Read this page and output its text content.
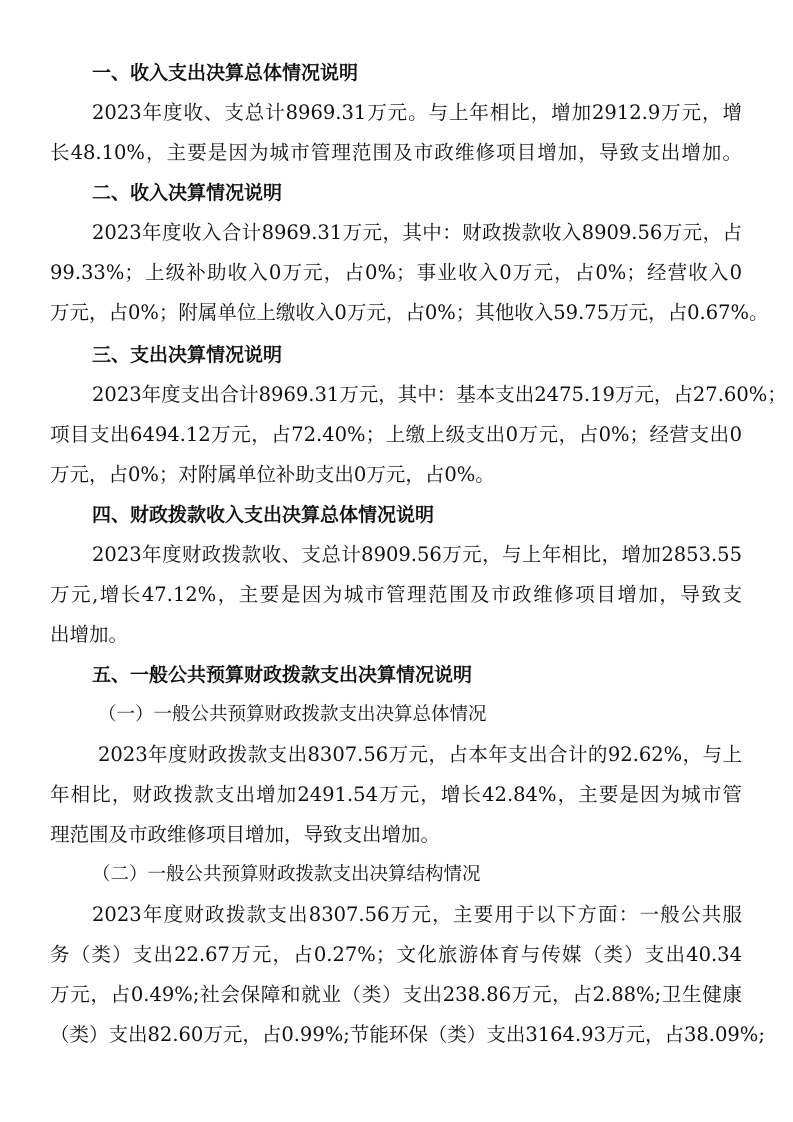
一、收入支出决算总体情况说明
2023年度收、支总计8969.31万元。与上年相比，增加2912.9万元，增
长48.10%，主要是因为城市管理范围及市政维修项目增加，导致支出增加。
二、收入决算情况说明
2023年度收入合计8969.31万元，其中：财政拨款收入8909.56万元，占
99.33%；上级补助收入0万元，占0%；事业收入0万元，占0%；经营收入0
万元，占0%；附属单位上缴收入0万元，占0%；其他收入59.75万元，占0.67%。
三、支出决算情况说明
2023年度支出合计8969.31万元，其中：基本支出2475.19万元，占27.60%；
项目支出6494.12万元，占72.40%；上缴上级支出0万元，占0%；经营支出0
万元，占0%；对附属单位补助支出0万元，占0%。
四、财政拨款收入支出决算总体情况说明
2023年度财政拨款收、支总计8909.56万元，与上年相比，增加2853.55
万元,增长47.12%，主要是因为城市管理范围及市政维修项目增加，导致支
出增加。
五、一般公共预算财政拨款支出决算情况说明
（一）一般公共预算财政拨款支出决算总体情况
2023年度财政拨款支出8307.56万元，占本年支出合计的92.62%，与上
年相比，财政拨款支出增加2491.54万元，增长42.84%，主要是因为城市管
理范围及市政维修项目增加，导致支出增加。
（二）一般公共预算财政拨款支出决算结构情况
2023年度财政拨款支出8307.56万元，主要用于以下方面：一般公共服
务（类）支出22.67万元，占0.27%；文化旅游体育与传媒（类）支出40.34
万元，占0.49%;社会保障和就业（类）支出238.86万元，占2.88%;卫生健康
（类）支出82.60万元，占0.99%;节能环保（类）支出3164.93万元，占38.09%;
